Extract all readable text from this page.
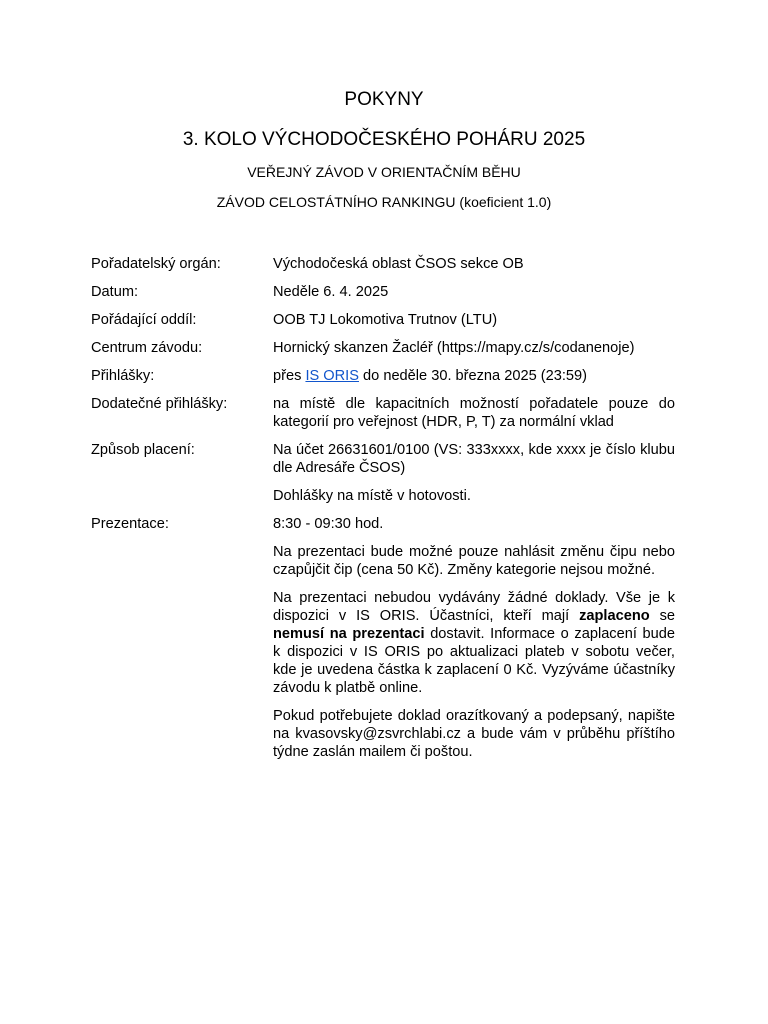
POKYNY
3. KOLO VÝCHODOČESKÉHO POHÁRU 2025
VEŘEJNÝ ZÁVOD V ORIENTAČNÍM BĚHU
ZÁVOD CELOSTÁTNÍHO RANKINGU (koeficient 1.0)
Pořadatelský orgán:	Východočeská oblast ČSOS sekce OB

Datum:	Neděle 6. 4. 2025

Pořádající oddíl:	OOB TJ Lokomotiva Trutnov (LTU)

Centrum závodu:	Hornický skanzen Žacléř (https://mapy.cz/s/codanenoje)

Přihlášky:	přes IS ORIS do neděle 30. března 2025 (23:59)

Dodatečné přihlášky:	na místě dle kapacitních možností pořadatele pouze do kategorií pro veřejnost (HDR, P, T) za normální vklad

Způsob placení:	Na účet 26631601/0100 (VS: 333xxxx, kde xxxx je číslo klubu dle Adresáře ČSOS)

Dohlášky na místě v hotovosti.

Prezentace:	8:30 - 09:30 hod.

Na prezentaci bude možné pouze nahlásit změnu čipu nebo czapůjčit čip (cena 50 Kč). Změny kategorie nejsou možné.

Na prezentaci nebudou vydávány žádné doklady. Vše je k dispozici v IS ORIS. Účastníci, kteří mají zaplaceno se nemusí na prezentaci dostavit. Informace o zaplacení bude k dispozici v IS ORIS po aktualizaci plateb v sobotu večer, kde je uvedena částka k zaplacení 0 Kč. Vyzýváme účastníky závodu k platbě online.

Pokud potřebujete doklad orazítkovaný a podepsaný, napište na kvasovsky@zsvrchlabi.cz a bude vám v průběhu příštího týdne zaslán mailem či poštou.
